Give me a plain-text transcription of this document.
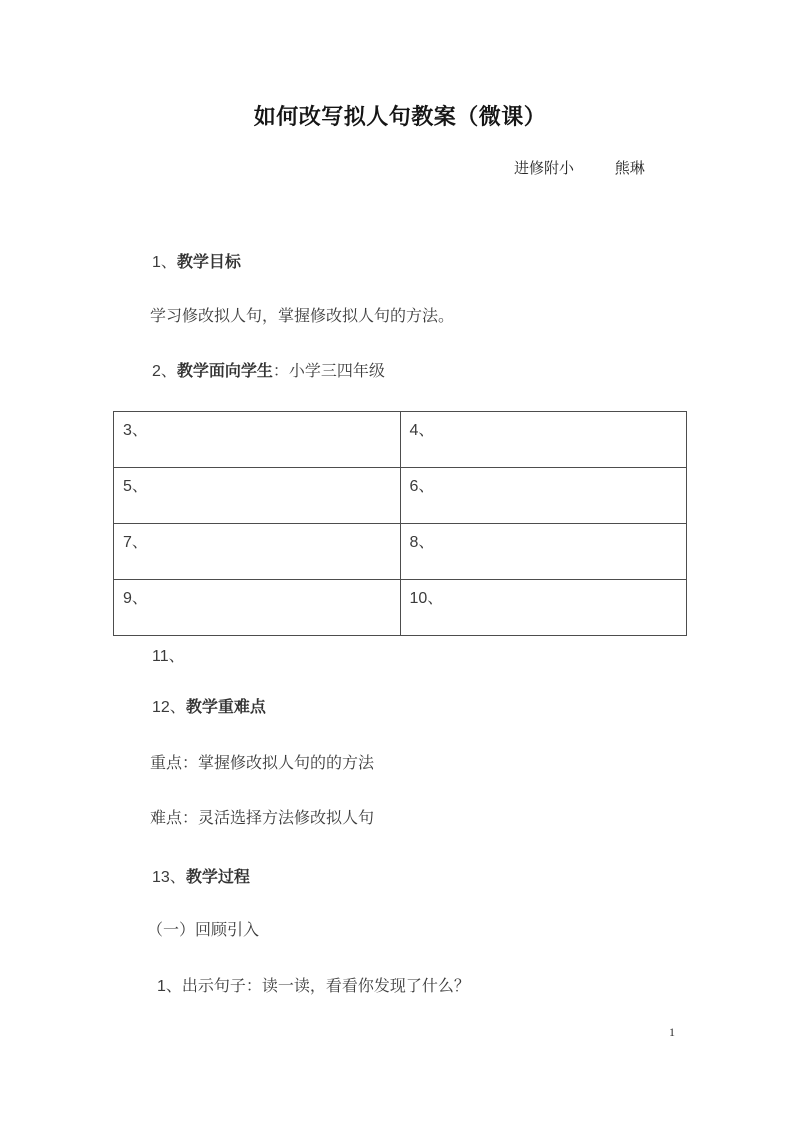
如何改写拟人句教案（微课）
进修附小	熊琳

1、教学目标

学习修改拟人句，掌握修改拟人句的方法。

2、教学面向学生：小学三四年级

3、	4、
5、	6、
7、	8、
9、	10、

11、

12、教学重难点

重点：掌握修改拟人句的的方法

难点：灵活选择方法修改拟人句

13、教学过程

（一）回顾引入

1、出示句子：读一读，看看你发现了什么？

1
